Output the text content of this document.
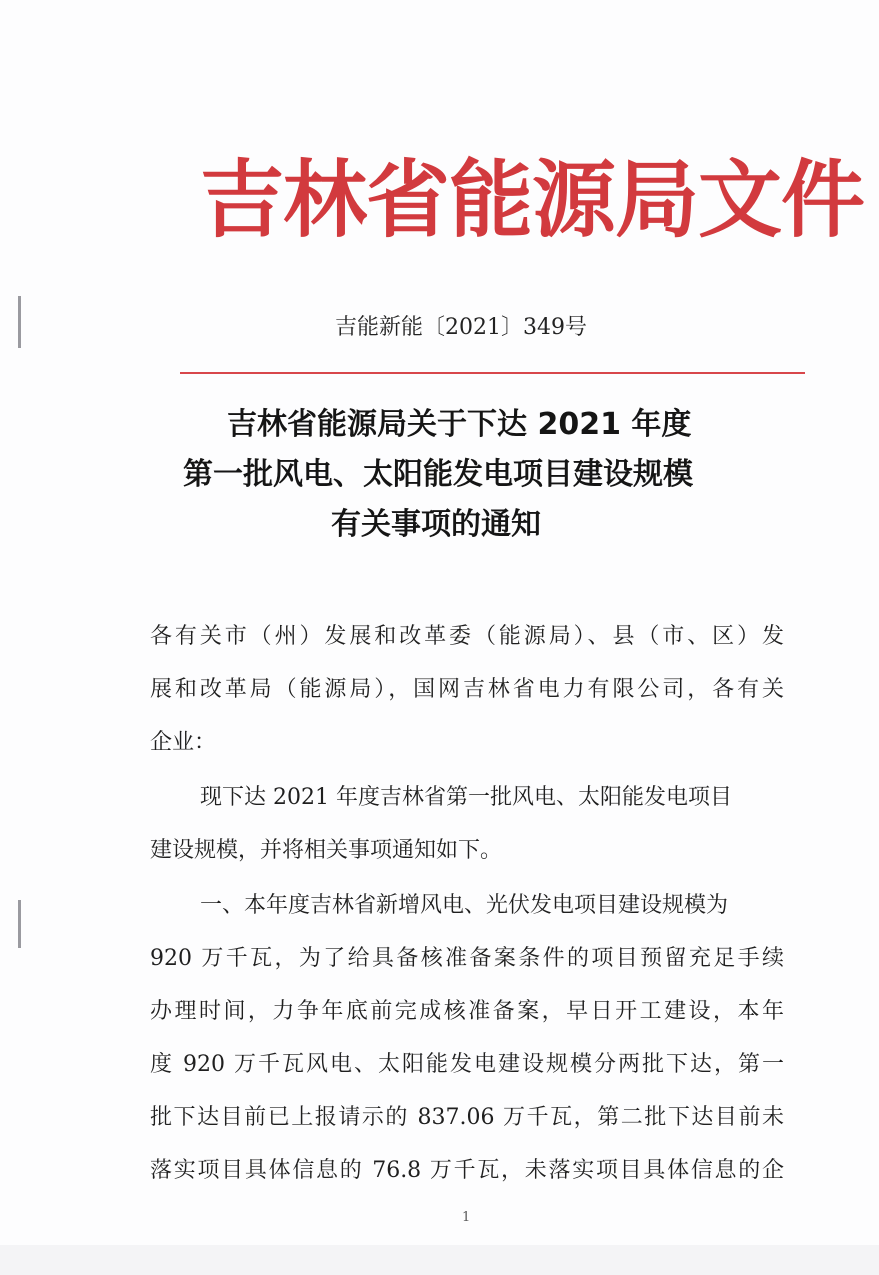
吉林省能源局文件
吉能新能〔2021〕349号
吉林省能源局关于下达 2021 年度
第一批风电、太阳能发电项目建设规模
有关事项的通知
各有关市（州）发展和改革委（能源局）、县（市、区）发
展和改革局（能源局），国网吉林省电力有限公司，各有关
企业：
现下达 2021 年度吉林省第一批风电、太阳能发电项目
建设规模，并将相关事项通知如下。
一、本年度吉林省新增风电、光伏发电项目建设规模为
920 万千瓦，为了给具备核准备案条件的项目预留充足手续
办理时间，力争年底前完成核准备案，早日开工建设，本年
度 920 万千瓦风电、太阳能发电建设规模分两批下达，第一
批下达目前已上报请示的 837.06 万千瓦，第二批下达目前未
落实项目具体信息的 76.8 万千瓦，未落实项目具体信息的企
1
